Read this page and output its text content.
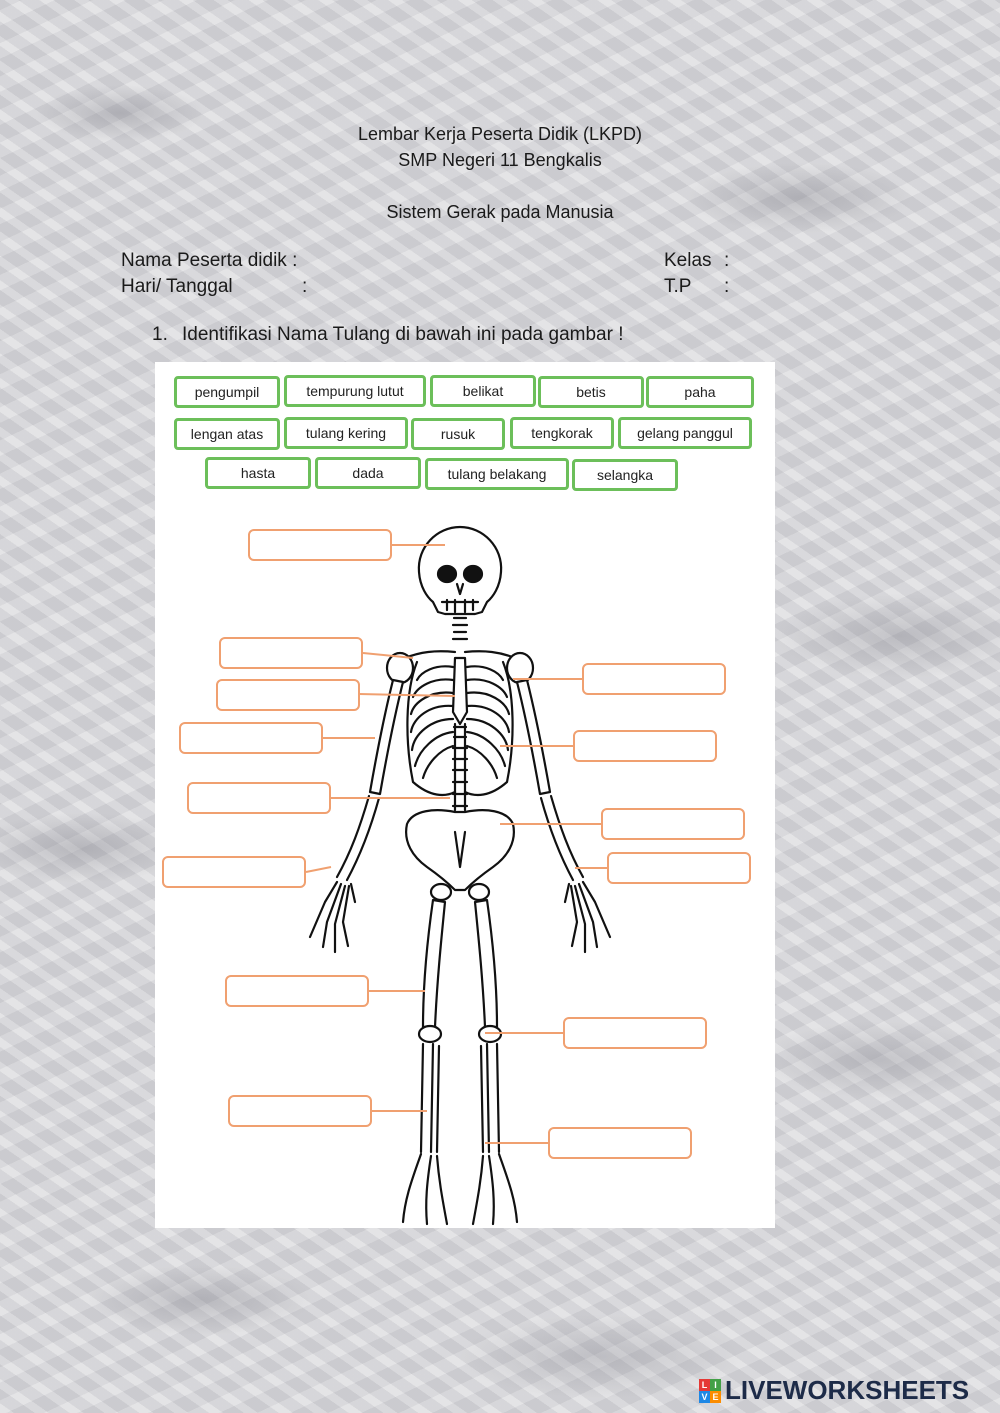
Lembar Kerja Peserta Didik (LKPD)
SMP Negeri 11 Bengkalis
Sistem Gerak pada Manusia
Nama Peserta didik :
Hari/ Tanggal	:
Kelas :
T.P :
1. Identifikasi Nama Tulang di bawah ini pada gambar !
pengumpil	tempurung lutut	belikat	betis	paha
lengan atas	tulang kering	rusuk	tengkorak	gelang panggul
hasta	dada	tulang belakang	selangka
L I
V E LIVEWORKSHEETS
